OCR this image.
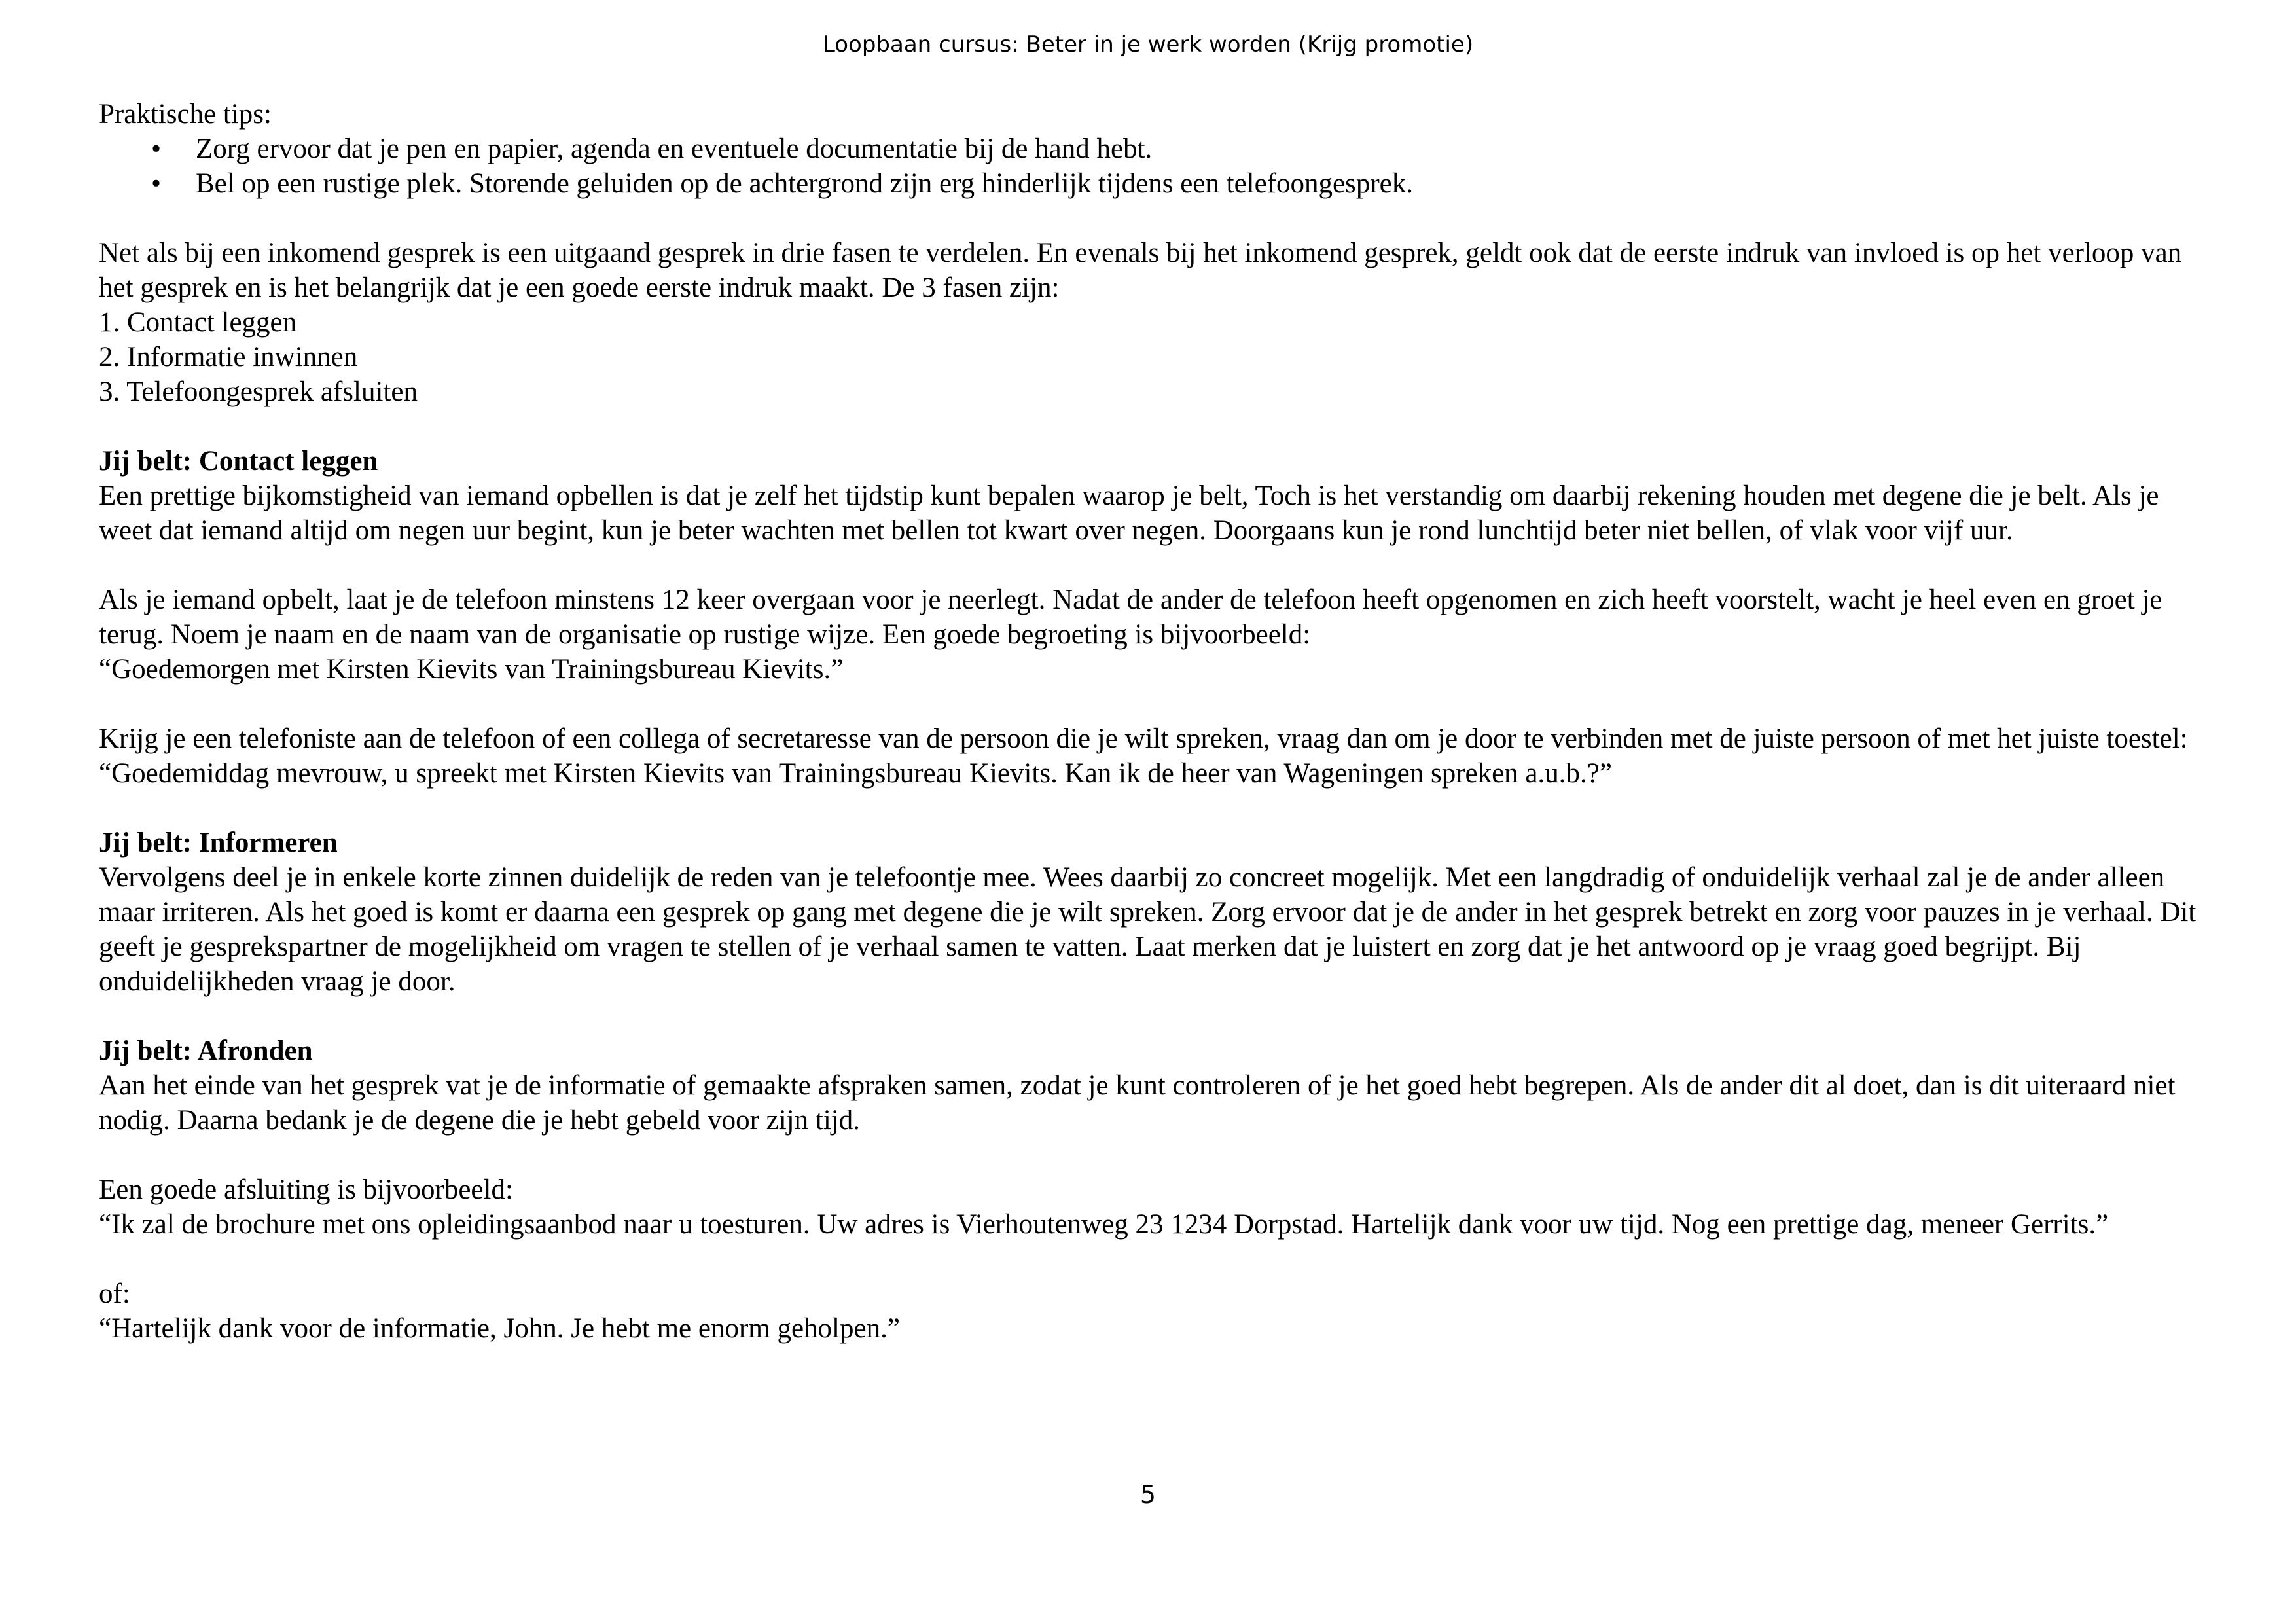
Loopbaan cursus: Beter in je werk worden (Krijg promotie)

Praktische tips:

• Zorg ervoor dat je pen en papier, agenda en eventuele documentatie bij de hand hebt.
• Bel op een rustige plek. Storende geluiden op de achtergrond zijn erg hinderlijk tijdens een telefoongesprek.

Net als bij een inkomend gesprek is een uitgaand gesprek in drie fasen te verdelen. En evenals bij het inkomend gesprek, geldt ook dat de eerste indruk van invloed is op het verloop van het gesprek en is het belangrijk dat je een goede eerste indruk maakt. De 3 fasen zijn:

1. Contact leggen

2. Informatie inwinnen

3. Telefoongesprek afsluiten

Jij belt: Contact leggen

Een prettige bijkomstigheid van iemand opbellen is dat je zelf het tijdstip kunt bepalen waarop je belt, Toch is het verstandig om daarbij rekening houden met degene die je belt. Als je weet dat iemand altijd om negen uur begint, kun je beter wachten met bellen tot kwart over negen. Doorgaans kun je rond lunchtijd beter niet bellen, of vlak voor vijf uur.

Als je iemand opbelt, laat je de telefoon minstens 12 keer overgaan voor je neerlegt. Nadat de ander de telefoon heeft opgenomen en zich heeft voorstelt, wacht je heel even en groet je terug. Noem je naam en de naam van de organisatie op rustige wijze. Een goede begroeting is bijvoorbeeld:

“Goedemorgen met Kirsten Kievits van Trainingsbureau Kievits.”

Krijg je een telefoniste aan de telefoon of een collega of secretaresse van de persoon die je wilt spreken, vraag dan om je door te verbinden met de juiste persoon of met het juiste toestel:

“Goedemiddag mevrouw, u spreekt met Kirsten Kievits van Trainingsbureau Kievits. Kan ik de heer van Wageningen spreken a.u.b.?”

Jij belt: Informeren

Vervolgens deel je in enkele korte zinnen duidelijk de reden van je telefoontje mee. Wees daarbij zo concreet mogelijk. Met een langdradig of onduidelijk verhaal zal je de ander alleen maar irriteren. Als het goed is komt er daarna een gesprek op gang met degene die je wilt spreken. Zorg ervoor dat je de ander in het gesprek betrekt en zorg voor pauzes in je verhaal. Dit geeft je gesprekspartner de mogelijkheid om vragen te stellen of je verhaal samen te vatten. Laat merken dat je luistert en zorg dat je het antwoord op je vraag goed begrijpt. Bij onduidelijkheden vraag je door.

Jij belt: Afronden

Aan het einde van het gesprek vat je de informatie of gemaakte afspraken samen, zodat je kunt controleren of je het goed hebt begrepen. Als de ander dit al doet, dan is dit uiteraard niet nodig. Daarna bedank je de degene die je hebt gebeld voor zijn tijd.

Een goede afsluiting is bijvoorbeeld:

“Ik zal de brochure met ons opleidingsaanbod naar u toesturen. Uw adres is Vierhoutenweg 23 1234 Dorpstad. Hartelijk dank voor uw tijd. Nog een prettige dag, meneer Gerrits.”

of:

“Hartelijk dank voor de informatie, John. Je hebt me enorm geholpen.”

5
